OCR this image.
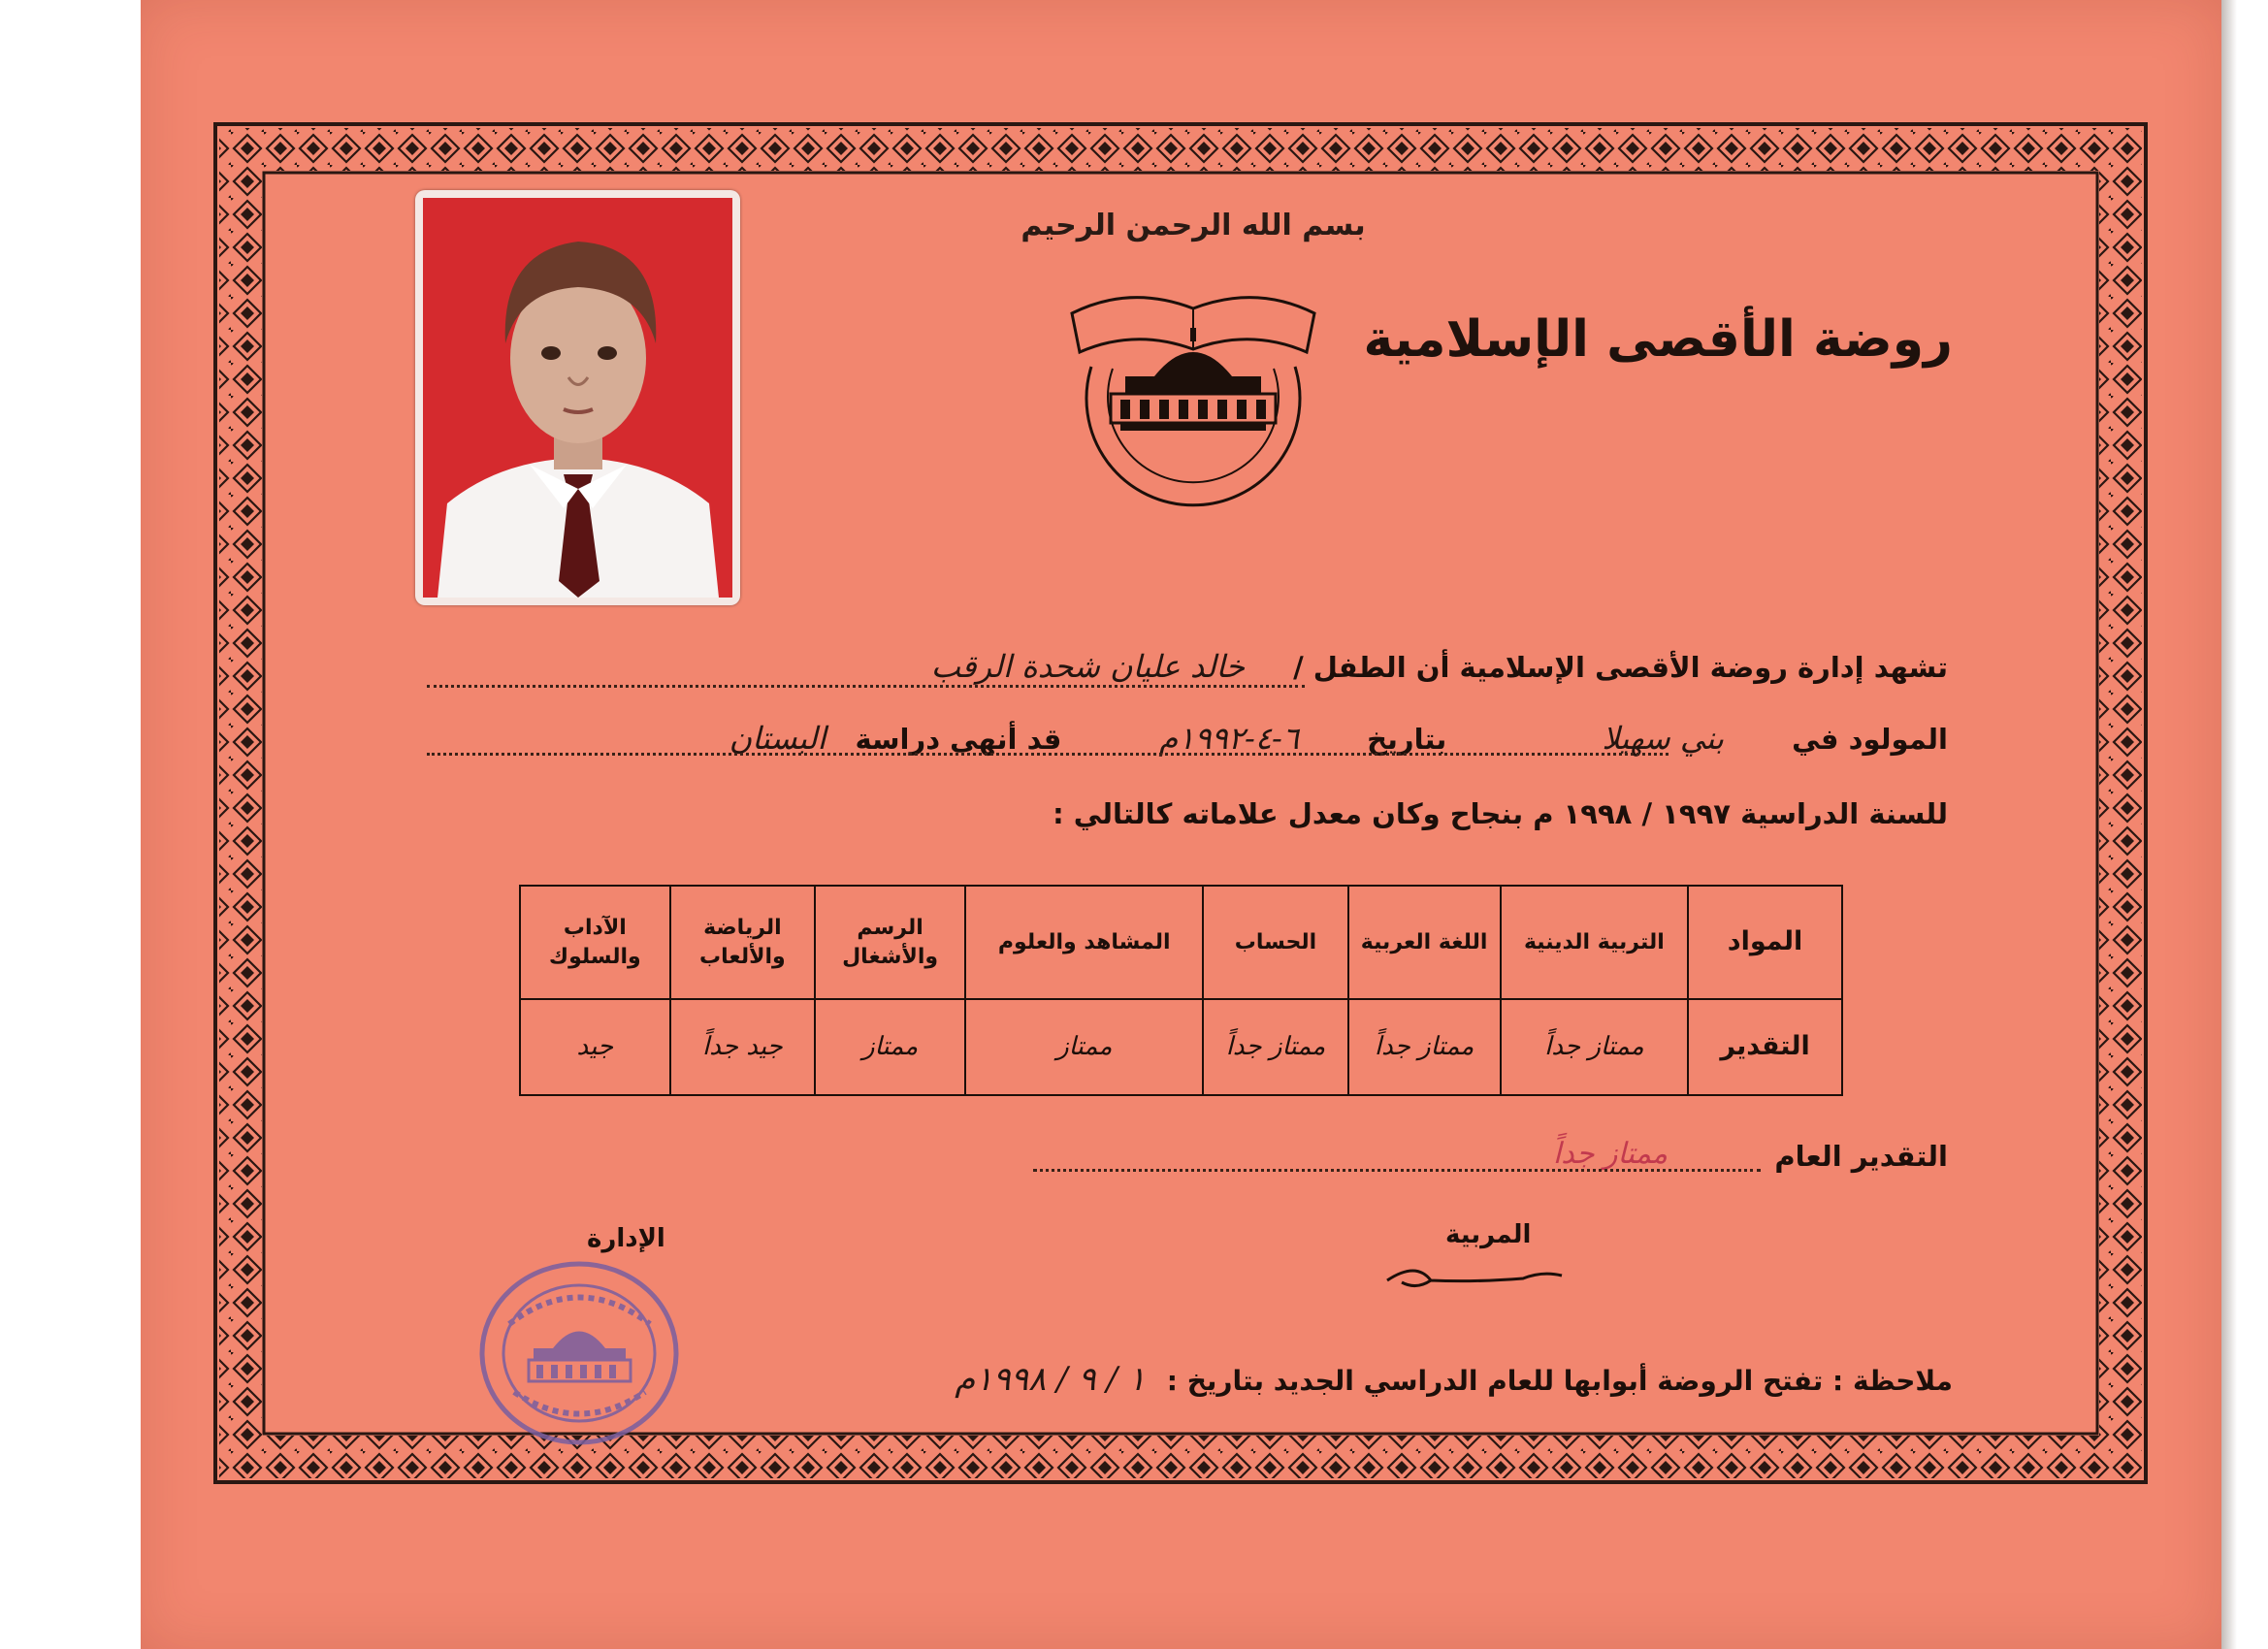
بسم الله الرحمن الرحيم
روضة الأقصى الإسلامية
تشهد إدارة روضة الأقصى الإسلامية أن الطفل / خالد عليان شحدة الرقب
المولود في بني سهيلا بتاريخ ٦-٤-١٩٩٢م قد أنهى دراسة البستان
للسنة الدراسية ١٩٩٧ / ١٩٩٨ م بنجاح وكان معدل علاماته كالتالي :
المواد	التربية الدينية	اللغة العربية	الحساب	المشاهد والعلوم	الرسم والأشغال	الرياضة والألعاب	الآداب والسلوك
التقدير	ممتاز جداً	ممتاز جداً	ممتاز جداً	ممتاز	ممتاز	جيد جداً	جيد
التقدير العام
ممتاز جداً
المربية
الإدارة
ملاحظة : تفتح الروضة أبوابها للعام الدراسي الجديد بتاريخ : ١ / ٩ / ١٩٩٨م
